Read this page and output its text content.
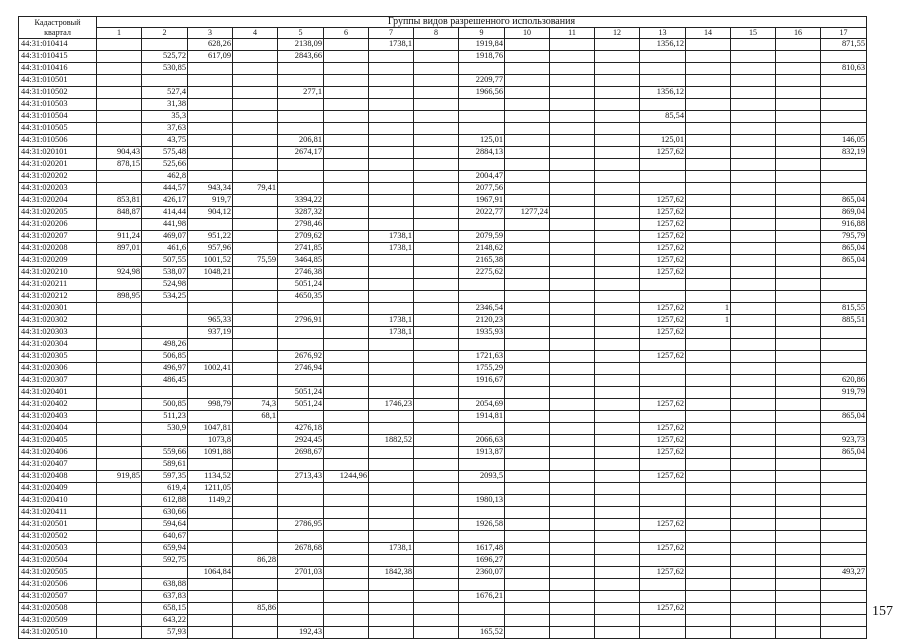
Кадастровый
квартал	Группы видов разрешенного использования																
	1	2	3	4	5	6	7	8	9	10	11	12	13	14	15	16	17
44:31:010414			628,26		2138,09		1738,1		1919,84				1356,12				871,55
44:31:010415		525,72	617,09		2843,66				1918,76								
44:31:010416		530,85															810,63
44:31:010501									2209,77								
44:31:010502		527,4			277,1				1966,56				1356,12				
44:31:010503		31,38															
44:31:010504		35,3											85,54				
44:31:010505		37,63															
44:31:010506		43,75			206,81				125,01				125,01				146,05
44:31:020101	904,43	575,48			2674,17				2884,13				1257,62				832,19
44:31:020201	878,15	525,66															
44:31:020202		462,8							2004,47								
44:31:020203		444,57	943,34	79,41					2077,56								
44:31:020204	853,81	426,17	919,7		3394,22				1967,91				1257,62				865,04
44:31:020205	848,87	414,44	904,12		3287,32				2022,77	1277,24			1257,62				869,04
44:31:020206		441,98			2798,46								1257,62				916,88
44:31:020207	911,24	469,07	951,22		2709,62		1738,1		2079,59				1257,62				795,79
44:31:020208	897,01	461,6	957,96		2741,85		1738,1		2148,62				1257,62				865,04
44:31:020209		507,55	1001,52	75,59	3464,85				2165,38				1257,62				865,04
44:31:020210	924,98	538,07	1048,21		2746,38				2275,62				1257,62				
44:31:020211		524,98			5051,24												
44:31:020212	898,95	534,25			4650,35												
44:31:020301									2346,54				1257,62	1			815,55
44:31:020302			965,33		2796,91		1738,1		2120,23				1257,62	1			885,51
44:31:020303			937,19				1738,1		1935,93				1257,62				
44:31:020304		498,26															
44:31:020305		506,85			2676,92				1721,63				1257,62				
44:31:020306		496,97	1002,41		2746,94				1755,29								
44:31:020307		486,45							1916,67								620,86
44:31:020401					5051,24												919,79
44:31:020402		500,85	998,79	74,3	5051,24		1746,23		2054,69				1257,62				
44:31:020403		511,23		68,1					1914,81								865,04
44:31:020404		530,9	1047,81		4276,18								1257,62				
44:31:020405			1073,8		2924,45		1882,52		2066,63				1257,62				923,73
44:31:020406		559,66	1091,88		2698,67				1913,87				1257,62				865,04
44:31:020407		589,61															
44:31:020408	919,85	597,35	1134,52		2713,43	1244,96			2093,5				1257,62				
44:31:020409		619,4	1211,05														
44:31:020410		612,88	1149,2						1980,13								
44:31:020411		630,66															
44:31:020501		594,64			2786,95				1926,58				1257,62				
44:31:020502		640,67															
44:31:020503		659,94			2678,68		1738,1		1617,48				1257,62				
44:31:020504		592,75		86,28					1696,27								
44:31:020505			1064,84		2701,03		1842,38		2360,07				1257,62				493,27
44:31:020506		638,88															
44:31:020507		637,83							1676,21								
44:31:020508		658,15		85,86									1257,62				
44:31:020509		643,22															
44:31:020510		57,93			192,43				165,52								
157
